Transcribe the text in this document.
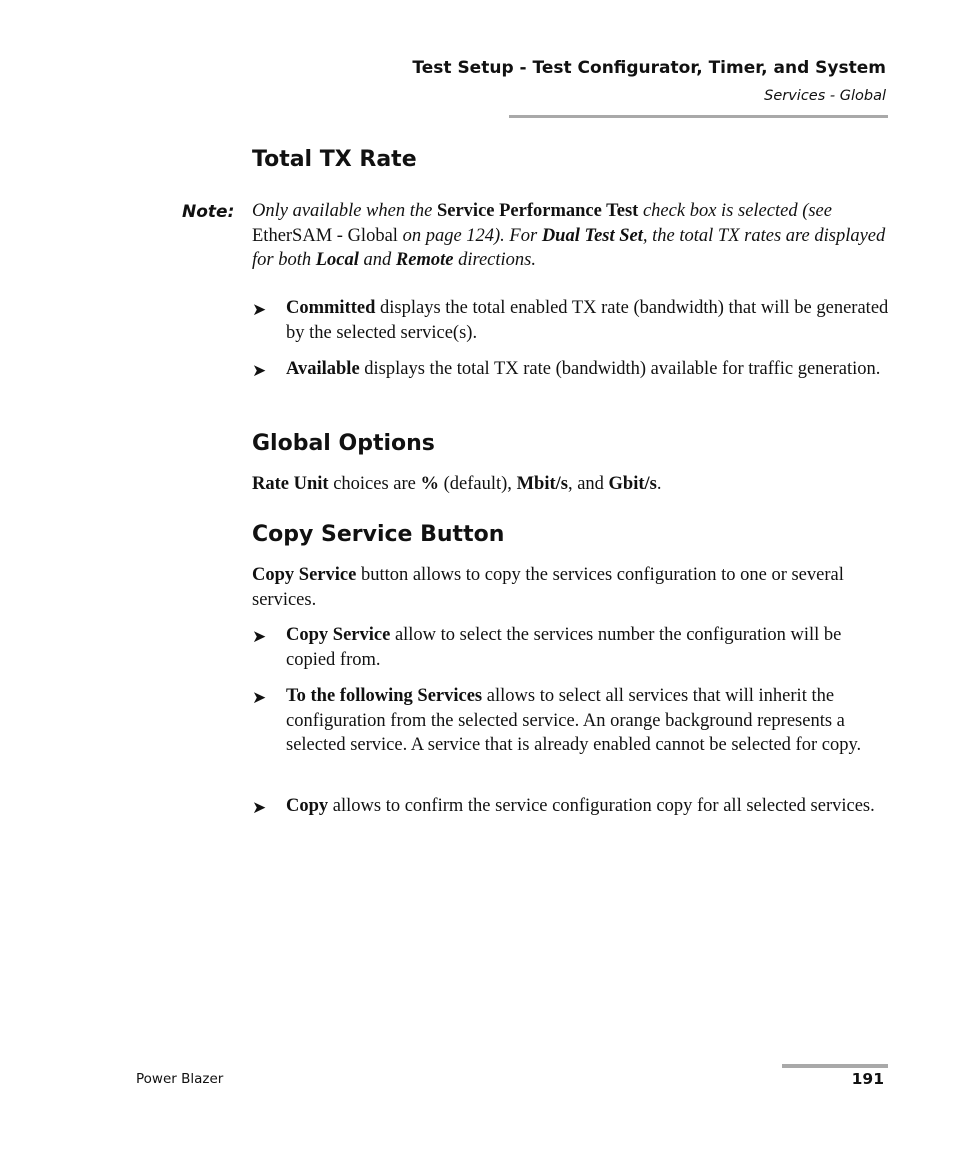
Test Setup - Test Configurator, Timer, and System
Services - Global
Total TX Rate
Note: Only available when the Service Performance Test check box is selected (see EtherSAM - Global on page 124). For Dual Test Set, the total TX rates are displayed for both Local and Remote directions.
➤ Committed displays the total enabled TX rate (bandwidth) that will be generated by the selected service(s).
➤ Available displays the total TX rate (bandwidth) available for traffic generation.
Global Options
Rate Unit choices are % (default), Mbit/s, and Gbit/s.
Copy Service Button
Copy Service button allows to copy the services configuration to one or several services.
➤ Copy Service allow to select the services number the configuration will be copied from.
➤ To the following Services allows to select all services that will inherit the configuration from the selected service. An orange background represents a selected service. A service that is already enabled cannot be selected for copy.
➤ Copy allows to confirm the service configuration copy for all selected services.
Power Blazer	191
